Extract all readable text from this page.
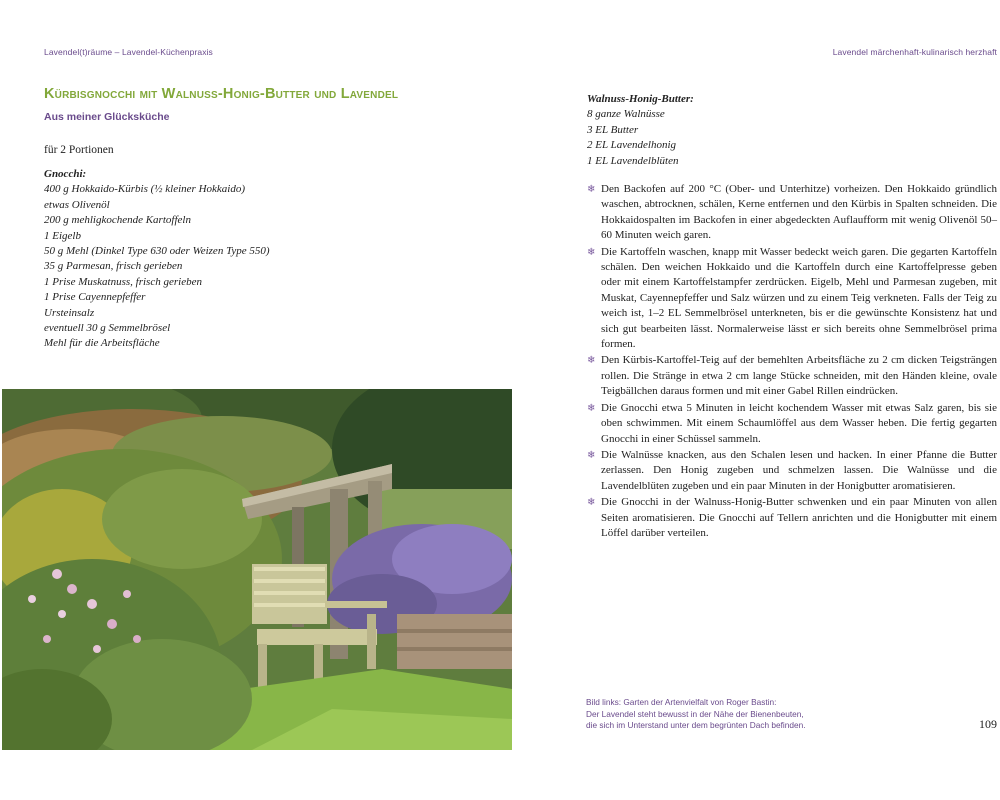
Lavendel(t)räume – Lavendel-Küchenpraxis	Lavendel märchenhaft-kulinarisch herzhaft
Kürbisgnocchi mit Walnuss-Honig-Butter und Lavendel
Aus meiner Glücksküche
für 2 Portionen
Gnocchi:
400 g Hokkaido-Kürbis (½ kleiner Hokkaido)
etwas Olivenöl
200 g mehligkochende Kartoffeln
1 Eigelb
50 g Mehl (Dinkel Type 630 oder Weizen Type 550)
35 g Parmesan, frisch gerieben
1 Prise Muskatnuss, frisch gerieben
1 Prise Cayennepfeffer
Ursteinsalz
eventuell 30 g Semmelbrösel
Mehl für die Arbeitsfläche
Walnuss-Honig-Butter:
8 ganze Walnüsse
3 EL Butter
2 EL Lavendelhonig
1 EL Lavendelblüten
❄ Den Backofen auf 200 °C (Ober- und Unterhitze) vorheizen. Den Hokkaido gründlich waschen, abtrocknen, schälen, Kerne entfernen und den Kürbis in Spalten schneiden. Die Hokkaidospalten im Backofen in einer abgedeckten Auflaufform mit wenig Olivenöl 50–60 Minuten weich garen.
❄ Die Kartoffeln waschen, knapp mit Wasser bedeckt weich garen. Die gegarten Kartoffeln schälen. Den weichen Hokkaido und die Kartoffeln durch eine Kartoffelpresse geben oder mit einem Kartoffelstampfer zerdrücken. Eigelb, Mehl und Parmesan zugeben, mit Muskat, Cayennepfeffer und Salz würzen und zu einem Teig verkneten. Falls der Teig zu weich ist, 1–2 EL Semmelbrösel unterkneten, bis er die gewünschte Konsistenz hat und sich gut bearbeiten lässt. Normalerweise lässt er sich bereits ohne Semmelbrösel prima formen.
❄ Den Kürbis-Kartoffel-Teig auf der bemehlten Arbeitsfläche zu 2 cm dicken Teigsträngen rollen. Die Stränge in etwa 2 cm lange Stücke schneiden, mit den Händen kleine, ovale Teigbällchen daraus formen und mit einer Gabel Rillen eindrücken.
❄ Die Gnocchi etwa 5 Minuten in leicht kochendem Wasser mit etwas Salz garen, bis sie oben schwimmen. Mit einem Schaumlöffel aus dem Wasser heben. Die fertig gegarten Gnocchi in einer Schüssel sammeln.
❄ Die Walnüsse knacken, aus den Schalen lesen und hacken. In einer Pfanne die Butter zerlassen. Den Honig zugeben und schmelzen lassen. Die Walnüsse und die Lavendelblüten zugeben und ein paar Minuten in der Honigbutter aromatisieren.
❄ Die Gnocchi in der Walnuss-Honig-Butter schwenken und ein paar Minuten von allen Seiten aromatisieren. Die Gnocchi auf Tellern anrichten und die Honigbutter mit einem Löffel darüber verteilen.
Bild links: Garten der Artenvielfalt von Roger Bastin:
Der Lavendel steht bewusst in der Nähe der Bienenbeuten,
die sich im Unterstand unter dem begrünten Dach befinden.	109
